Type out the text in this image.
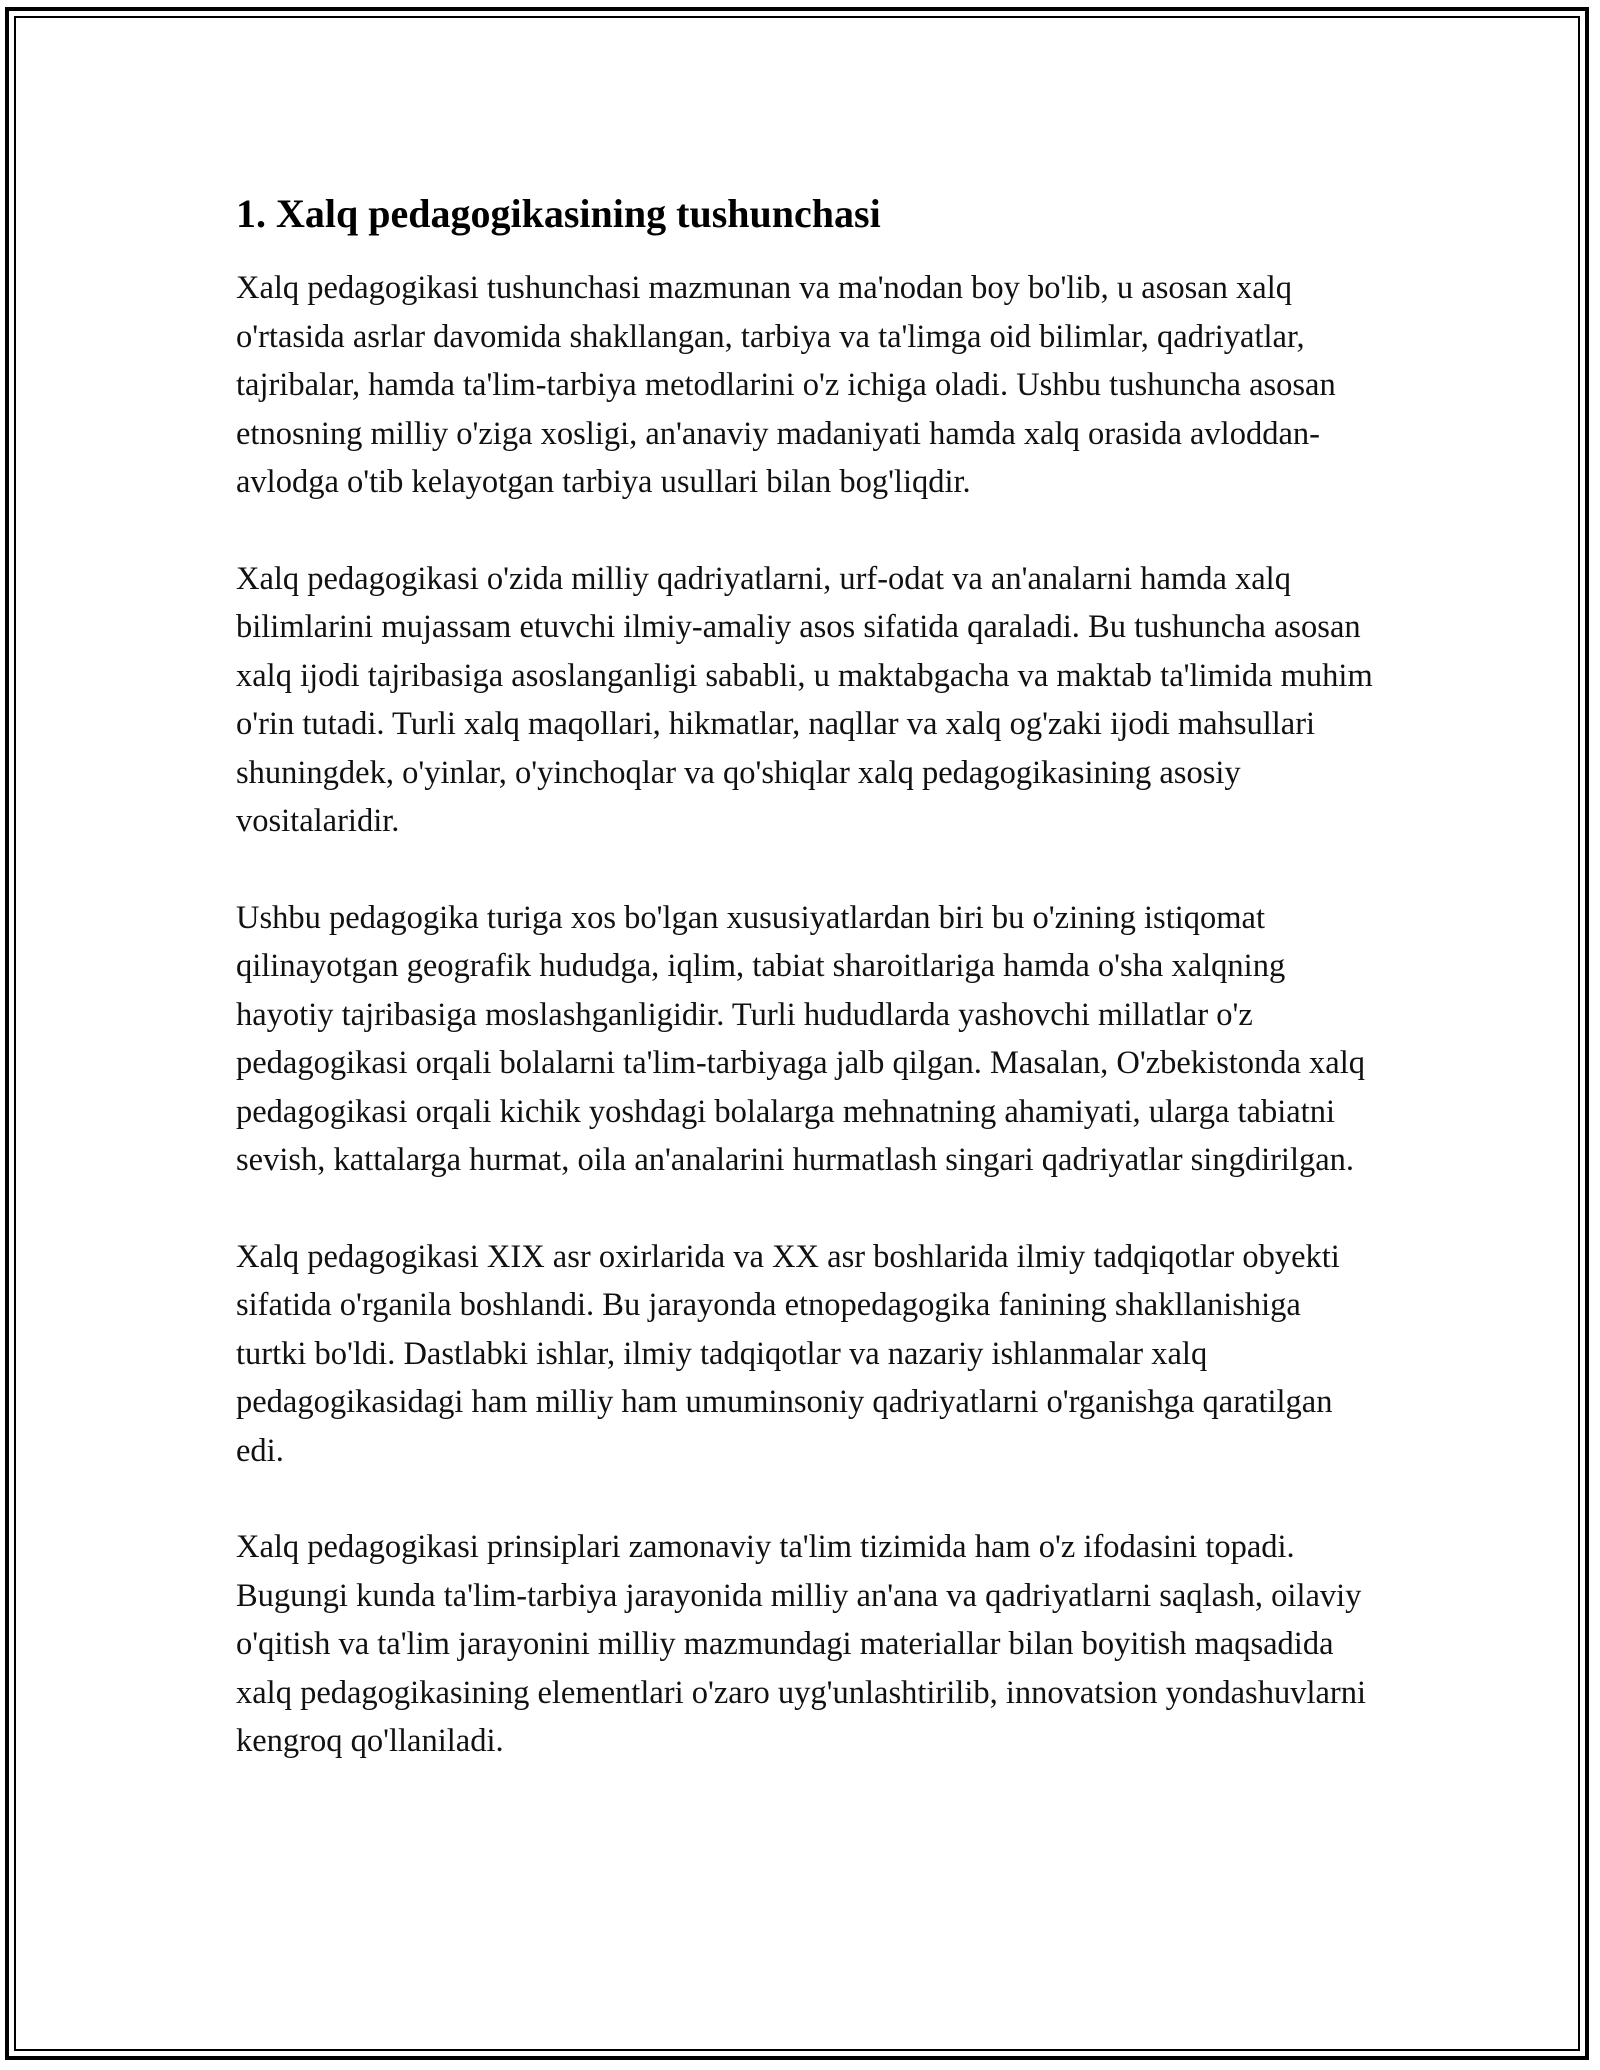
1. Xalq pedagogikasining tushunchasi

Xalq pedagogikasi tushunchasi mazmunan va ma'nodan boy bo'lib, u asosan xalq o'rtasida asrlar davomida shakllangan, tarbiya va ta'limga oid bilimlar, qadriyatlar, tajribalar, hamda ta'lim-tarbiya metodlarini o'z ichiga oladi. Ushbu tushuncha asosan etnosning milliy o'ziga xosligi, an'anaviy madaniyati hamda xalq orasida avloddan-avlodga o'tib kelayotgan tarbiya usullari bilan bog'liqdir.

Xalq pedagogikasi o'zida milliy qadriyatlarni, urf-odat va an'analarni hamda xalq bilimlarini mujassam etuvchi ilmiy-amaliy asos sifatida qaraladi. Bu tushuncha asosan xalq ijodi tajribasiga asoslanganligi sababli, u maktabgacha va maktab ta'limida muhim o'rin tutadi. Turli xalq maqollari, hikmatlar, naqllar va xalq og'zaki ijodi mahsullari shuningdek, o'yinlar, o'yinchoqlar va qo'shiqlar xalq pedagogikasining asosiy vositalaridir.

Ushbu pedagogika turiga xos bo'lgan xususiyatlardan biri bu o'zining istiqomat qilinayotgan geografik hududga, iqlim, tabiat sharoitlariga hamda o'sha xalqning hayotiy tajribasiga moslashganligidir. Turli hududlarda yashovchi millatlar o'z pedagogikasi orqali bolalarni ta'lim-tarbiyaga jalb qilgan. Masalan, O'zbekistonda xalq pedagogikasi orqali kichik yoshdagi bolalarga mehnatning ahamiyati, ularga tabiatni sevish, kattalarga hurmat, oila an'analarini hurmatlash singari qadriyatlar singdirilgan.

Xalq pedagogikasi XIX asr oxirlarida va XX asr boshlarida ilmiy tadqiqotlar obyekti sifatida o'rganila boshlandi. Bu jarayonda etnopedagogika fanining shakllanishiga turtki bo'ldi. Dastlabki ishlar, ilmiy tadqiqotlar va nazariy ishlanmalar xalq pedagogikasidagi ham milliy ham umuminsoniy qadriyatlarni o'rganishga qaratilgan edi.

Xalq pedagogikasi prinsiplari zamonaviy ta'lim tizimida ham o'z ifodasini topadi. Bugungi kunda ta'lim-tarbiya jarayonida milliy an'ana va qadriyatlarni saqlash, oilaviy o'qitish va ta'lim jarayonini milliy mazmundagi materiallar bilan boyitish maqsadida xalq pedagogikasining elementlari o'zaro uyg'unlashtirilib, innovatsion yondashuvlarni kengroq qo'llaniladi.
